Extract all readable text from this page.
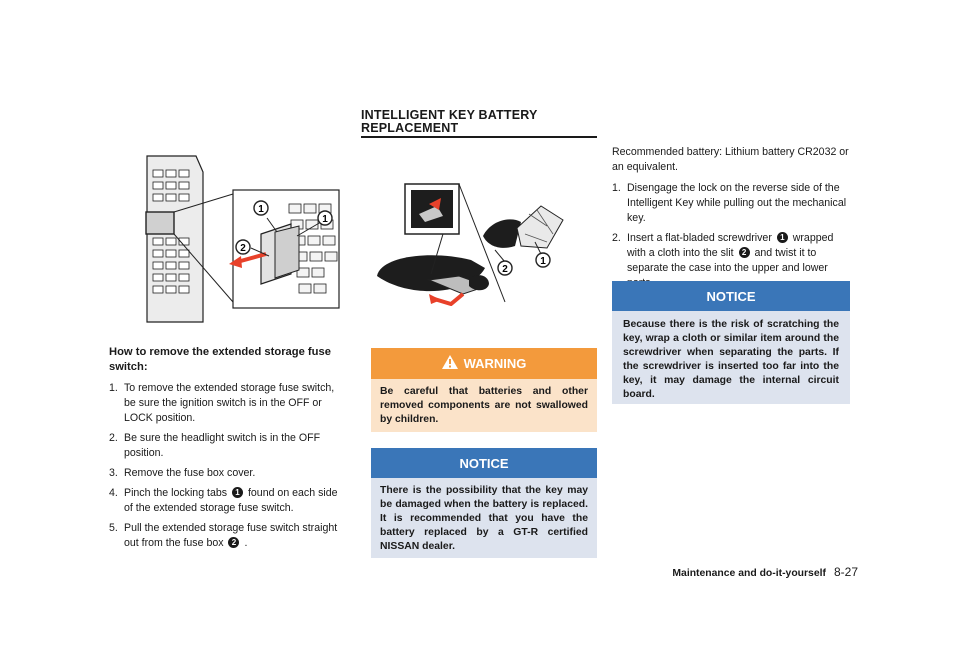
1
1
2
How to remove the extended storage fuse switch:
1. To remove the extended storage fuse switch, be sure the ignition switch is in the OFF or LOCK position.
2. Be sure the headlight switch is in the OFF position.
3. Remove the fuse box cover.
4. Pinch the locking tabs 1 found on each side of the extended storage fuse switch.
5. Pull the extended storage fuse switch straight out from the fuse box 2 .
INTELLIGENT KEY BATTERY REPLACEMENT
2
1
WARNING
Be careful that batteries and other removed components are not swallowed by children.
NOTICE
There is the possibility that the key may be damaged when the battery is replaced. It is recommended that you have the battery replaced by a GT-R certified NISSAN dealer.
Recommended battery: Lithium battery CR2032 or an equivalent.
1. Disengage the lock on the reverse side of the Intelligent Key while pulling out the mechanical key.
2. Insert a flat-bladed screwdriver 1 wrapped with a cloth into the slit 2 and twist it to separate the case into the upper and lower
NOTICE
Because there is the risk of scratching the key, wrap a cloth or similar item around the screwdriver when separating the parts. If the screwdriver is inserted too far into the key, it may damage the internal circuit board.
Maintenance and do-it-yourself 8-27
